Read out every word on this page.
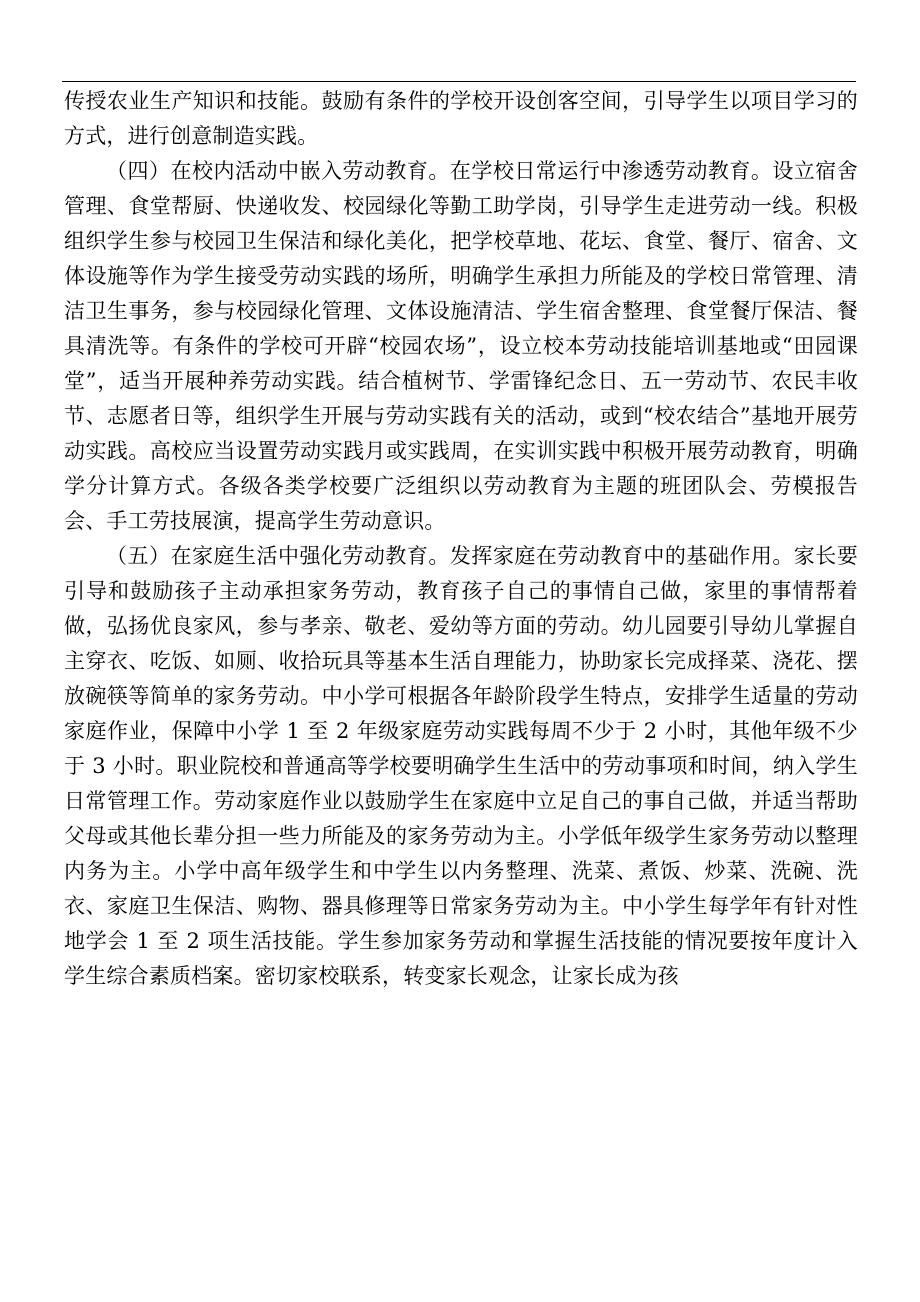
传授农业生产知识和技能。鼓励有条件的学校开设创客空间，引导学生以项目学习的方式，进行创意制造实践。

（四）在校内活动中嵌入劳动教育。在学校日常运行中渗透劳动教育。设立宿舍管理、食堂帮厨、快递收发、校园绿化等勤工助学岗，引导学生走进劳动一线。积极组织学生参与校园卫生保洁和绿化美化，把学校草地、花坛、食堂、餐厅、宿舍、文体设施等作为学生接受劳动实践的场所，明确学生承担力所能及的学校日常管理、清洁卫生事务，参与校园绿化管理、文体设施清洁、学生宿舍整理、食堂餐厅保洁、餐具清洗等。有条件的学校可开辟“校园农场”，设立校本劳动技能培训基地或“田园课堂”，适当开展种养劳动实践。结合植树节、学雷锋纪念日、五一劳动节、农民丰收节、志愿者日等，组织学生开展与劳动实践有关的活动，或到“校农结合”基地开展劳动实践。高校应当设置劳动实践月或实践周，在实训实践中积极开展劳动教育，明确学分计算方式。各级各类学校要广泛组织以劳动教育为主题的班团队会、劳模报告会、手工劳技展演，提高学生劳动意识。

（五）在家庭生活中强化劳动教育。发挥家庭在劳动教育中的基础作用。家长要引导和鼓励孩子主动承担家务劳动，教育孩子自己的事情自己做，家里的事情帮着做，弘扬优良家风，参与孝亲、敬老、爱幼等方面的劳动。幼儿园要引导幼儿掌握自主穿衣、吃饭、如厕、收拾玩具等基本生活自理能力，协助家长完成择菜、浇花、摆放碗筷等简单的家务劳动。中小学可根据各年龄阶段学生特点，安排学生适量的劳动家庭作业，保障中小学 1 至 2 年级家庭劳动实践每周不少于 2 小时，其他年级不少于 3 小时。职业院校和普通高等学校要明确学生生活中的劳动事项和时间，纳入学生日常管理工作。劳动家庭作业以鼓励学生在家庭中立足自己的事自己做，并适当帮助父母或其他长辈分担一些力所能及的家务劳动为主。小学低年级学生家务劳动以整理内务为主。小学中高年级学生和中学生以内务整理、洗菜、煮饭、炒菜、洗碗、洗衣、家庭卫生保洁、购物、器具修理等日常家务劳动为主。中小学生每学年有针对性地学会 1 至 2 项生活技能。学生参加家务劳动和掌握生活技能的情况要按年度计入学生综合素质档案。密切家校联系，转变家长观念，让家长成为孩
